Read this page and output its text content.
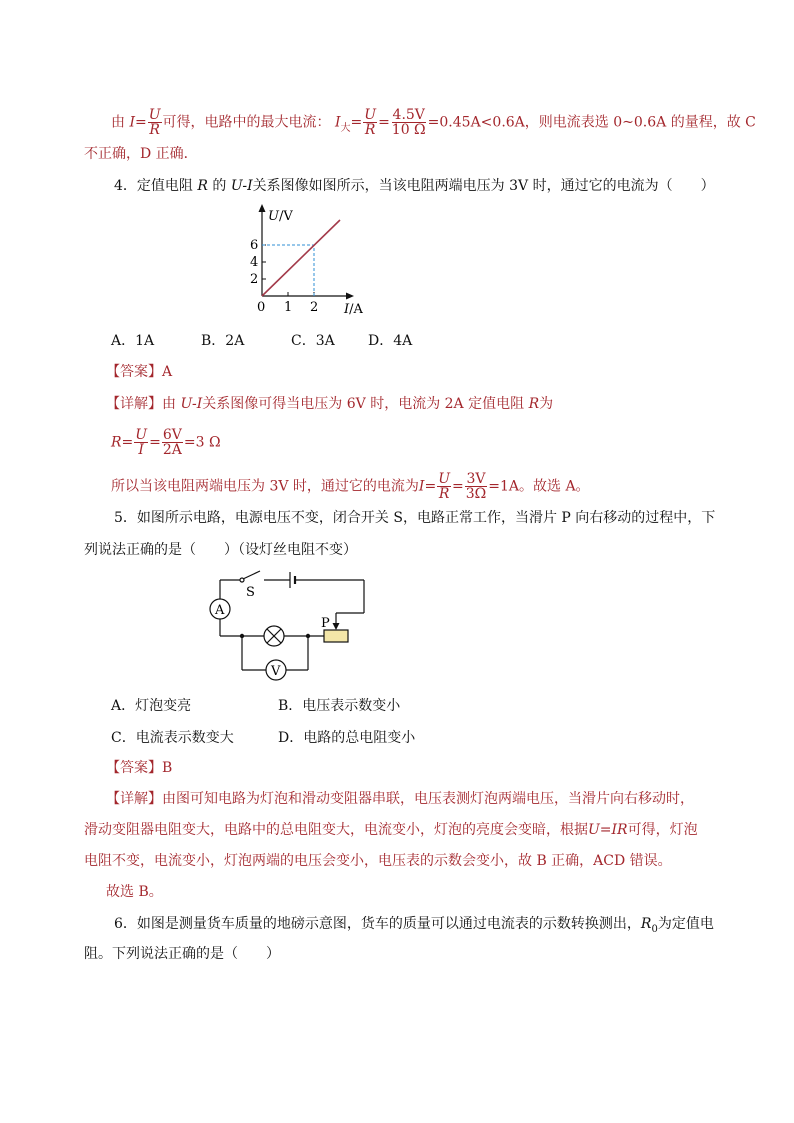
由 $I= \frac{U}{R}$ 可得，电路中的最大电流： $I_大= \frac{U}{R} = \frac{4.5V}{10 \Omega} =0.45A<0.6A$，则电流表选 0~0.6A 的量程，故 C
不正确，D 正确．
4．定值电阻 R 的 U-I关系图像如图所示，当该电阻两端电压为 3V 时，通过它的电流为（　　）
U/V
6
4
2
0 1 2 I/A
A．1A	B．2A	C．3A D．4A
【答案】A
【详解】由 U-I关系图像可得当电压为 6V 时，电流为 2A 定值电阻 R为
$R= \frac{U}{I} = \frac{6V}{2A} =3$ Ω
所以当该电阻两端电压为 3V 时，通过它的电流为$I= \frac{U}{R} = \frac{3V}{3\Omega} =1A$。故选 A。
5．如图所示电路，电源电压不变，闭合开关 S，电路正常工作，当滑片 P 向右移动的过程中，下
列说法正确的是（　　）（设灯丝电阻不变）
A
V
P
S
A．灯泡变亮	B．电压表示数变小
C．电流表示数变大	D．电路的总电阻变小
【答案】B
【详解】由图可知电路为灯泡和滑动变阻器串联，电压表测灯泡两端电压，当滑片向右移动时，
滑动变阻器电阻变大，电路中的总电阻变大，电流变小，灯泡的亮度会变暗，根据U=IR可得，灯泡
电阻不变，电流变小，灯泡两端的电压会变小，电压表的示数会变小，故 B 正确，ACD 错误。
故选 B。
6．如图是测量货车质量的地磅示意图，货车的质量可以通过电流表的示数转换测出，$R_0$为定值电
阻。下列说法正确的是（　　）
